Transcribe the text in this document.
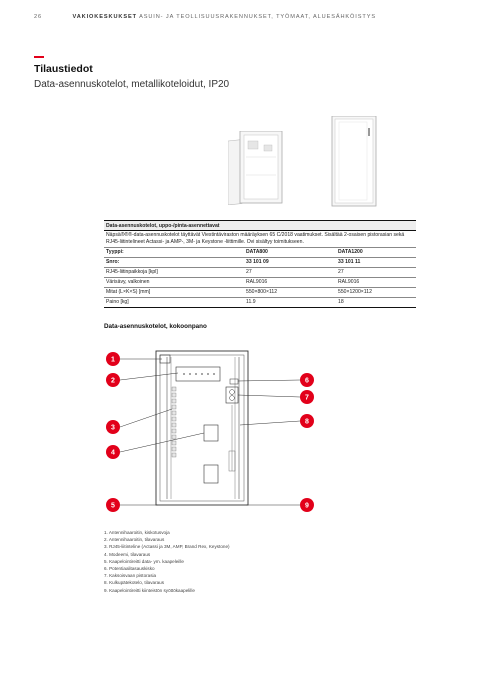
26	VAKIOKESKUKSET ASUIN- JA TEOLLISUUSRAKENNUKSET, TYÖMAAT, ALUESÄHKÖISTYS
Tilaustiedot
Data-asennuskotelot, metallikoteloidut, IP20
Data-asennuskotelot, uppo-/pinta-asennettavat		
Näpsä®®®-data-asennuskotelot täyttävät Viestintäviraston määräyksen 65 C/2018 vaatimukset. Sisältää 2-osaisen pistorasian sekä RJ45-liitintelineet Actassi- ja AMP-, 3M- ja Keystone -liittimille. Ovi sisältyy toimitukseen.		
Tyyppi:	DATA800	DATA1200
Snro:	33 101 09	33 101 11
RJ45-liitinpaikkoja [kpl]	27	27
Värisävy, valkoinen	RAL9016	RAL9016
Mitat (L×K×S) [mm]	550×800×112	550×1200×112
Paino [kg]	11.9	18
Data-asennuskotelot, kokoonpano
1
2
3
4
5
6
7
8
9
1. Antennihaaroitin, kiskotusvoja
2. Antennihaaroitin, tilavaraus
3. RJ45-liitinteline (Actassi ja 3M, AMP, Brand Rex, Keystone)
4. Modeemi, tilavaraus
5. Kaapelointireitti data- ym. kaapeleille
6. Potentiaalitasauskisko
7. Kaksoisvaan pistorasia
8. Kulkupätekotelo, tilavaraus
9. Kaapelointireitti kiinteistön syöttökaapelille
